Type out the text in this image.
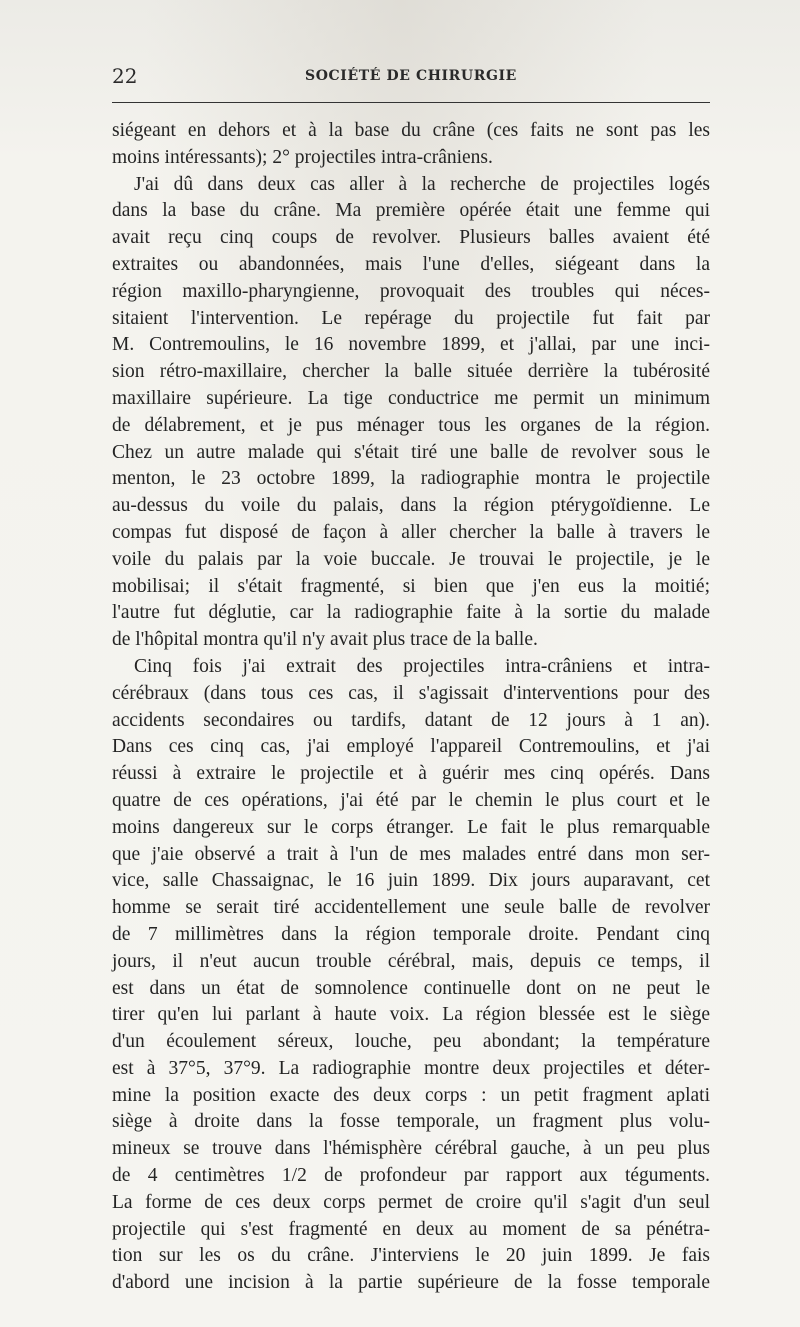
22	SOCIÉTÉ DE CHIRURGIE
siégeant en dehors et à la base du crâne (ces faits ne sont pas les
moins intéressants); 2° projectiles intra-crâniens.
J'ai dû dans deux cas aller à la recherche de projectiles logés
dans la base du crâne. Ma première opérée était une femme qui
avait reçu cinq coups de revolver. Plusieurs balles avaient été
extraites ou abandonnées, mais l'une d'elles, siégeant dans la
région maxillo-pharyngienne, provoquait des troubles qui néces-
sitaient l'intervention. Le repérage du projectile fut fait par
M. Contremoulins, le 16 novembre 1899, et j'allai, par une inci-
sion rétro-maxillaire, chercher la balle située derrière la tubérosité
maxillaire supérieure. La tige conductrice me permit un minimum
de délabrement, et je pus ménager tous les organes de la région.
Chez un autre malade qui s'était tiré une balle de revolver sous le
menton, le 23 octobre 1899, la radiographie montra le projectile
au-dessus du voile du palais, dans la région ptérygoïdienne. Le
compas fut disposé de façon à aller chercher la balle à travers le
voile du palais par la voie buccale. Je trouvai le projectile, je le
mobilisai; il s'était fragmenté, si bien que j'en eus la moitié;
l'autre fut déglutie, car la radiographie faite à la sortie du malade
de l'hôpital montra qu'il n'y avait plus trace de la balle.
Cinq fois j'ai extrait des projectiles intra-crâniens et intra-
cérébraux (dans tous ces cas, il s'agissait d'interventions pour des
accidents secondaires ou tardifs, datant de 12 jours à 1 an).
Dans ces cinq cas, j'ai employé l'appareil Contremoulins, et j'ai
réussi à extraire le projectile et à guérir mes cinq opérés. Dans
quatre de ces opérations, j'ai été par le chemin le plus court et le
moins dangereux sur le corps étranger. Le fait le plus remarquable
que j'aie observé a trait à l'un de mes malades entré dans mon ser-
vice, salle Chassaignac, le 16 juin 1899. Dix jours auparavant, cet
homme se serait tiré accidentellement une seule balle de revolver
de 7 millimètres dans la région temporale droite. Pendant cinq
jours, il n'eut aucun trouble cérébral, mais, depuis ce temps, il
est dans un état de somnolence continuelle dont on ne peut le
tirer qu'en lui parlant à haute voix. La région blessée est le siège
d'un écoulement séreux, louche, peu abondant; la température
est à 37°5, 37°9. La radiographie montre deux projectiles et déter-
mine la position exacte des deux corps : un petit fragment aplati
siège à droite dans la fosse temporale, un fragment plus volu-
mineux se trouve dans l'hémisphère cérébral gauche, à un peu plus
de 4 centimètres 1/2 de profondeur par rapport aux téguments.
La forme de ces deux corps permet de croire qu'il s'agit d'un seul
projectile qui s'est fragmenté en deux au moment de sa pénétra-
tion sur les os du crâne. J'interviens le 20 juin 1899. Je fais
d'abord une incision à la partie supérieure de la fosse temporale
